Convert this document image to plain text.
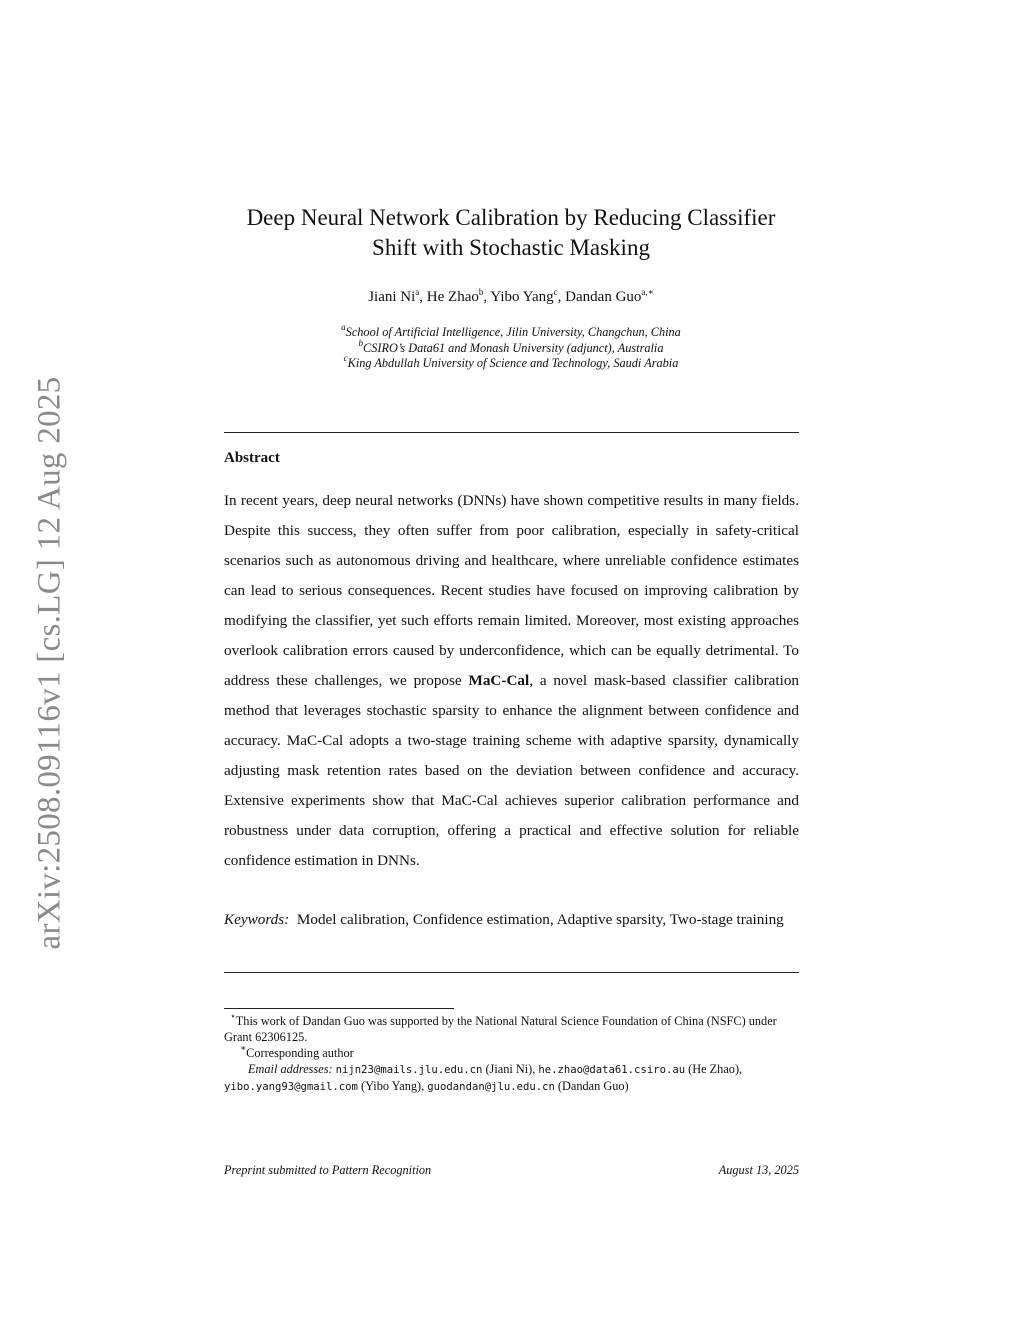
arXiv:2508.09116v1 [cs.LG] 12 Aug 2025
Deep Neural Network Calibration by Reducing Classifier
Shift with Stochastic Masking
Jiani Ni$^a$, He Zhao$^b$, Yibo Yang$^c$, Dandan Guo$^{a,∗}$
$^a$School of Artificial Intelligence, Jilin University, Changchun, China
$^b$CSIRO’s Data61 and Monash University (adjunct), Australia
$^c$King Abdullah University of Science and Technology, Saudi Arabia
Abstract

In recent years, deep neural networks (DNNs) have shown competitive results in many fields. Despite this success, they often suffer from poor calibration, especially in safety-critical scenarios such as autonomous driving and healthcare, where unreliable confidence estimates can lead to serious consequences. Recent studies have focused on improving calibration by modifying the classifier, yet such efforts remain limited. Moreover, most existing approaches overlook calibration errors caused by underconfidence, which can be equally detrimental. To address these challenges, we propose MaC-Cal, a novel mask-based classifier calibration method that leverages stochastic sparsity to enhance the alignment between confidence and accuracy. MaC-Cal adopts a two-stage training scheme with adaptive sparsity, dynamically adjusting mask retention rates based on the deviation between confidence and accuracy. Extensive experiments show that MaC-Cal achieves superior calibration performance and robustness under data corruption, offering a practical and effective solution for reliable confidence estimation in DNNs.

Keywords: Model calibration, Confidence estimation, Adaptive sparsity, Two-stage training

⋆This work of Dandan Guo was supported by the National Natural Science Foundation of China (NSFC) under Grant 62306125.

∗Corresponding author

Email addresses: nijn23@mails.jlu.edu.cn (Jiani Ni), he.zhao@data61.csiro.au (He Zhao), yibo.yang93@gmail.com (Yibo Yang), guodandan@jlu.edu.cn (Dandan Guo)

Preprint submitted to Pattern Recognition	August 13, 2025
